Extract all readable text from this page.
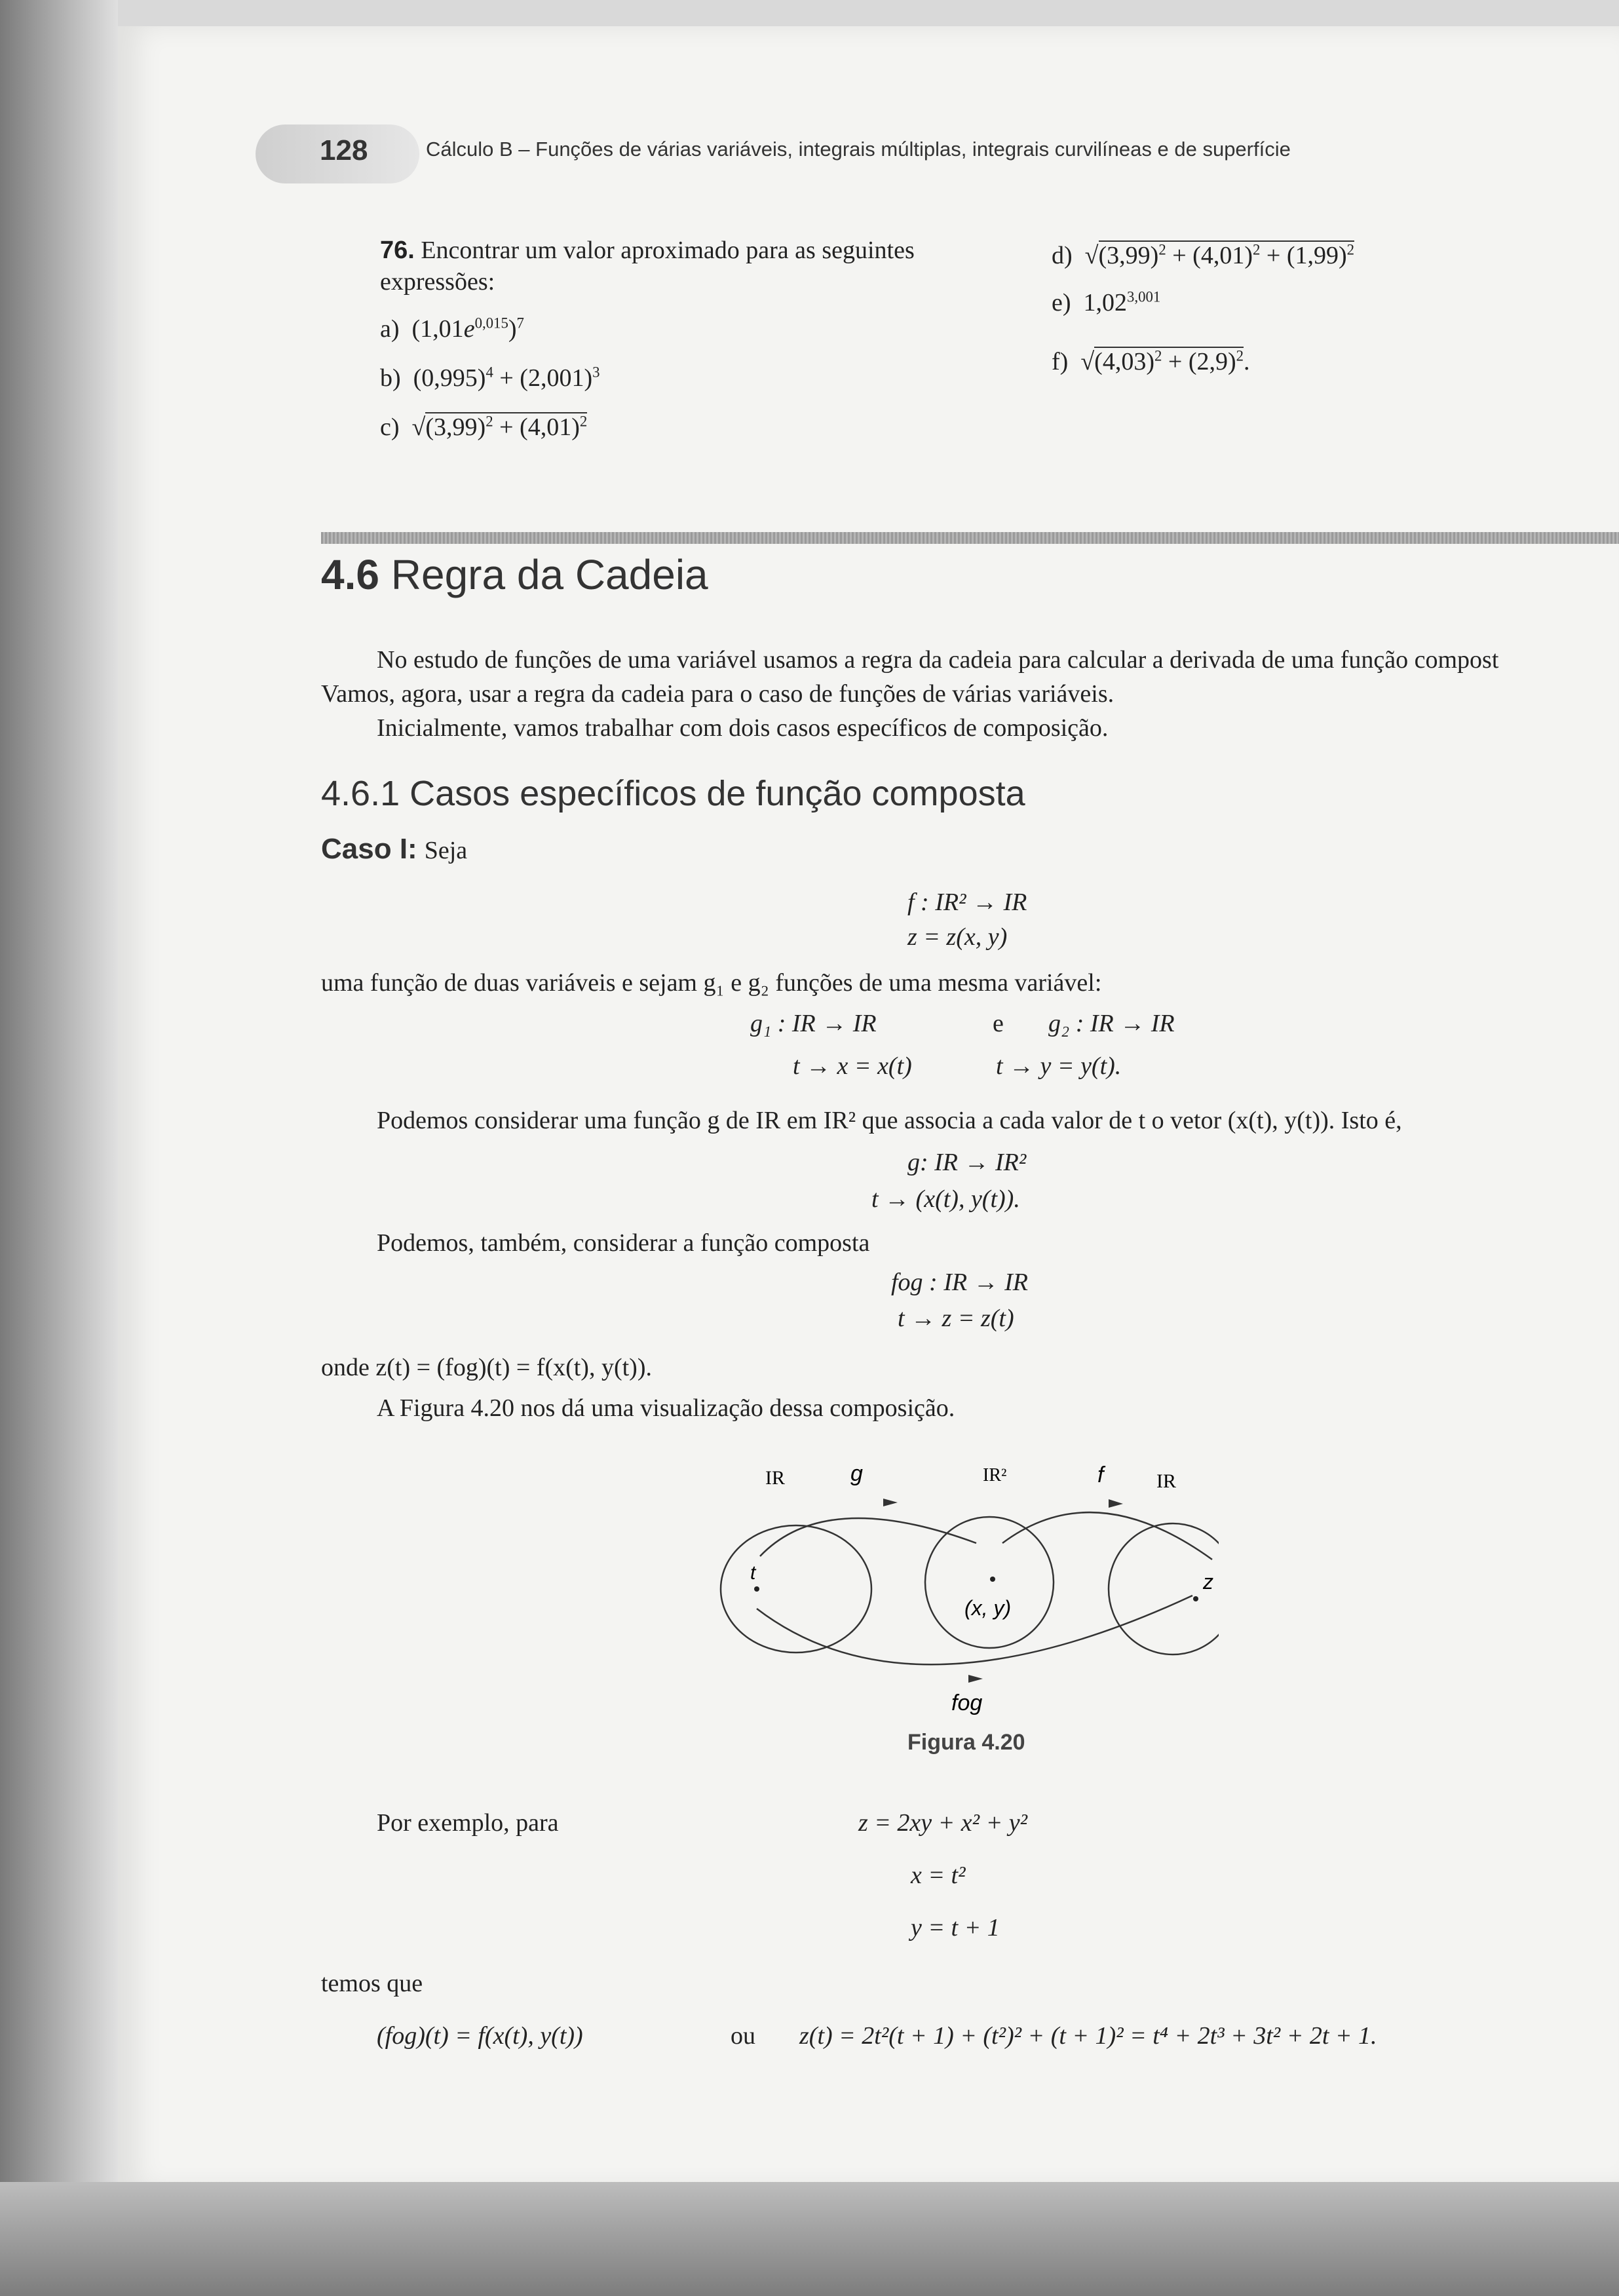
128	Cálculo B – Funções de várias variáveis, integrais múltiplas, integrais curvilíneas e de superfície
76. Encontrar um valor aproximado para as seguintes
expressões:
a)  $(1,01e^{0,015})^7$
b)  $(0,995)^4 + (2,001)^3$
c)  $√(3,99)^2 + (4,01)^2$
d)  $√(3,99)^2 + (4,01)^2 + (1,99)^2$
e)  1,02$^{3,001}$
f)  $√(4,03)^2 + (2,9)^2$.
4.6 Regra da Cadeia
No estudo de funções de uma variável usamos a regra da cadeia para calcular a derivada de uma função compost
Vamos, agora, usar a regra da cadeia para o caso de funções de várias variáveis.
Inicialmente, vamos trabalhar com dois casos específicos de composição.
4.6.1 Casos específicos de função composta
Caso I: Seja
f : IR² → IR
z = z(x, y)
uma função de duas variáveis e sejam g₁ e g₂ funções de uma mesma variável:
g₁ : IR → IR	e g₂ : IR → IR
t → x = x(t)	t → y = y(t).
Podemos considerar uma função g de IR em IR² que associa a cada valor de t o vetor (x(t), y(t)). Isto é,
g: IR → IR²
t → (x(t), y(t)).
Podemos, também, considerar a função composta
fog : IR → IR
t → z = z(t)
onde z(t) = (fog)(t) = f(x(t), y(t)).
A Figura 4.20 nos dá uma visualização dessa composição.
IR	g	IR²	f	IR
t
(x, y)
z
fog
Figura 4.20
Por exemplo, para	z = 2xy + x² + y²
x = t²
y = t + 1
temos que
(fog)(t) = f(x(t), y(t))	ou z(t) = 2t²(t + 1) + (t²)² + (t + 1)² = t⁴ + 2t³ + 3t² + 2t + 1.
